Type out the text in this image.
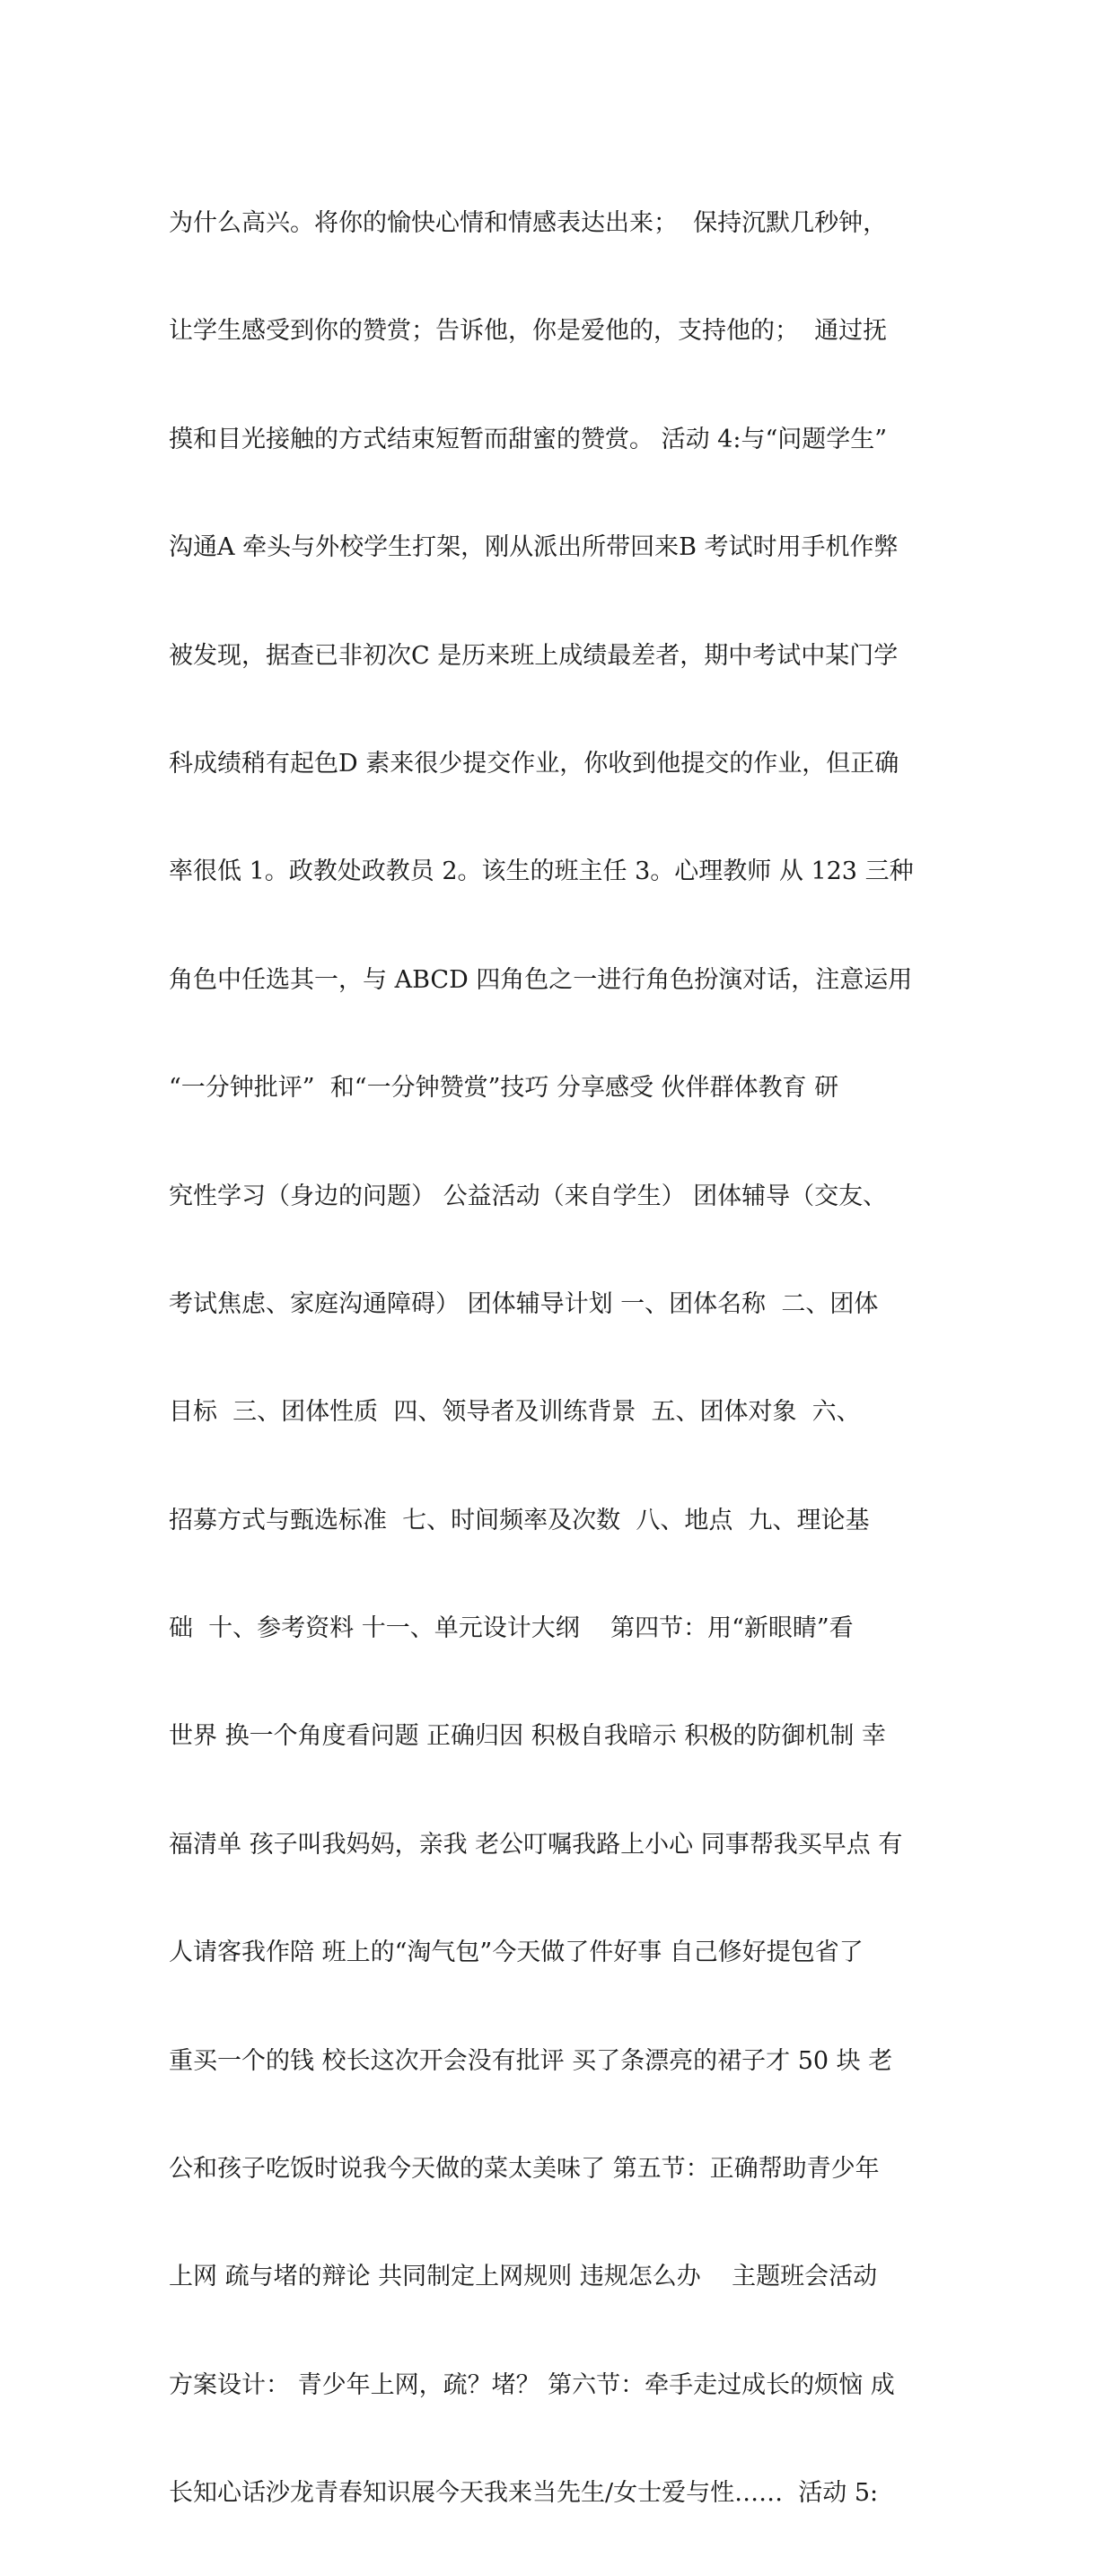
为什么高兴。将你的愉快心情和情感表达出来；  保持沉默几秒钟，

让学生感受到你的赞赏；告诉他，你是爱他的，支持他的；  通过抚

摸和目光接触的方式结束短暂而甜蜜的赞赏。 活动 4:与“问题学生”

沟通A 牵头与外校学生打架，刚从派出所带回来B 考试时用手机作弊

被发现，据查已非初次C 是历来班上成绩最差者，期中考试中某门学

科成绩稍有起色D 素来很少提交作业，你收到他提交的作业，但正确

率很低 1。政教处政教员 2。该生的班主任 3。心理教师 从 123 三种

角色中任选其一，与 ABCD 四角色之一进行角色扮演对话，注意运用

“一分钟批评”  和“一分钟赞赏”技巧 分享感受 伙伴群体教育 研

究性学习（身边的问题） 公益活动（来自学生） 团体辅导（交友、

考试焦虑、家庭沟通障碍） 团体辅导计划 一、团体名称  二、团体

目标  三、团体性质  四、领导者及训练背景  五、团体对象  六、

招募方式与甄选标准  七、时间频率及次数  八、地点  九、理论基

础  十、参考资料 十一、单元设计大纲    第四节：用“新眼睛”看

世界 换一个角度看问题 正确归因 积极自我暗示 积极的防御机制 幸

福清单 孩子叫我妈妈，亲我 老公叮嘱我路上小心 同事帮我买早点 有

人请客我作陪 班上的“淘气包”今天做了件好事 自己修好提包省了

重买一个的钱 校长这次开会没有批评 买了条漂亮的裙子才 50 块 老

公和孩子吃饭时说我今天做的菜太美味了 第五节：正确帮助青少年

上网 疏与堵的辩论 共同制定上网规则 违规怎么办    主题班会活动

方案设计： 青少年上网，疏？堵？ 第六节：牵手走过成长的烦恼 成

长知心话沙龙青春知识展今天我来当先生/女士爱与性……  活动 5:
